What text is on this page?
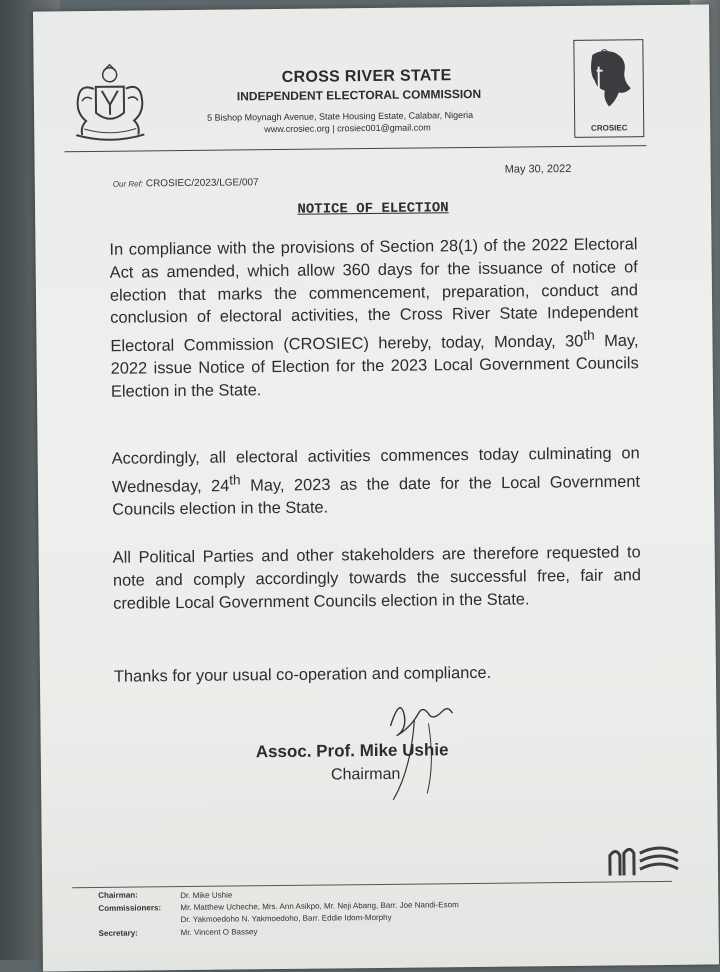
CROSS RIVER STATE
INDEPENDENT ELECTORAL COMMISSION
5 Bishop Moynagh Avenue, State Housing Estate, Calabar, Nigeria
www.crosiec.org | crosiec001@gmail.com	CROSIEC
Our Ref: CROSIEC/2023/LGE/007
May 30, 2022
NOTICE OF ELECTION
In compliance with the provisions of Section 28(1) of the 2022 Electoral Act as amended, which allow 360 days for the issuance of notice of election that marks the commencement, preparation, conduct and conclusion of electoral activities, the Cross River State Independent Electoral Commission (CROSIEC) hereby, today, Monday, 30th May, 2022 issue Notice of Election for the 2023 Local Government Councils Election in the State.
Accordingly, all electoral activities commences today culminating on Wednesday, 24th May, 2023 as the date for the Local Government Councils election in the State.
All Political Parties and other stakeholders are therefore requested to note and comply accordingly towards the successful free, fair and credible Local Government Councils election in the State.
Thanks for your usual co-operation and compliance.
Assoc. Prof. Mike Ushie
Chairman
Chairman:	Dr. Mike Ushie
Commissioners: Mr. Matthew Ucheche, Mrs. Ann Asikpo, Mr. Neji Abang, Barr. Joe Nandi-Esom
Dr. Yakmoedoho N. Yakmoedoho, Barr. Eddie Idom-Morphy
Secretary:	Mr. Vincent O Bassey
